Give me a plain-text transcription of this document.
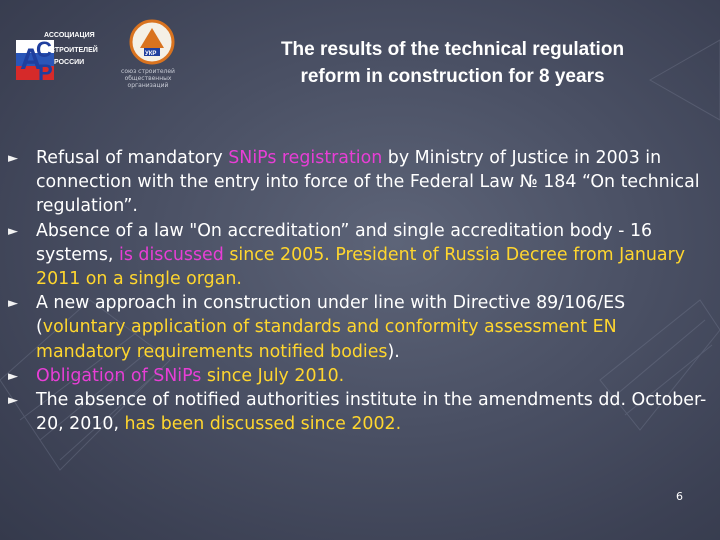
А
С
Р
АССОЦИАЦИЯ
СТРОИТЕЛЕЙ
РОССИИ
УКР
союз строителей
общественных организаций
The results of the technical regulation
reform in construction for 8 years
► Refusal of mandatory SNiPs registration by Ministry of Justice in 2003 in connection with the entry into force of the Federal Law № 184 “On technical regulation”.
► Absence of a law "On accreditation” and single accreditation body - 16 systems, is discussed since 2005. President of Russia Decree from January 2011 on a single organ.
► A new approach in construction under line with Directive 89/106/ES (voluntary application of standards and conformity assessment EN mandatory requirements notified bodies).
► Obligation of SNiPs since July 2010.
► The absence of notified authorities institute in the amendments dd. October-20, 2010, has been discussed since 2002.
6
